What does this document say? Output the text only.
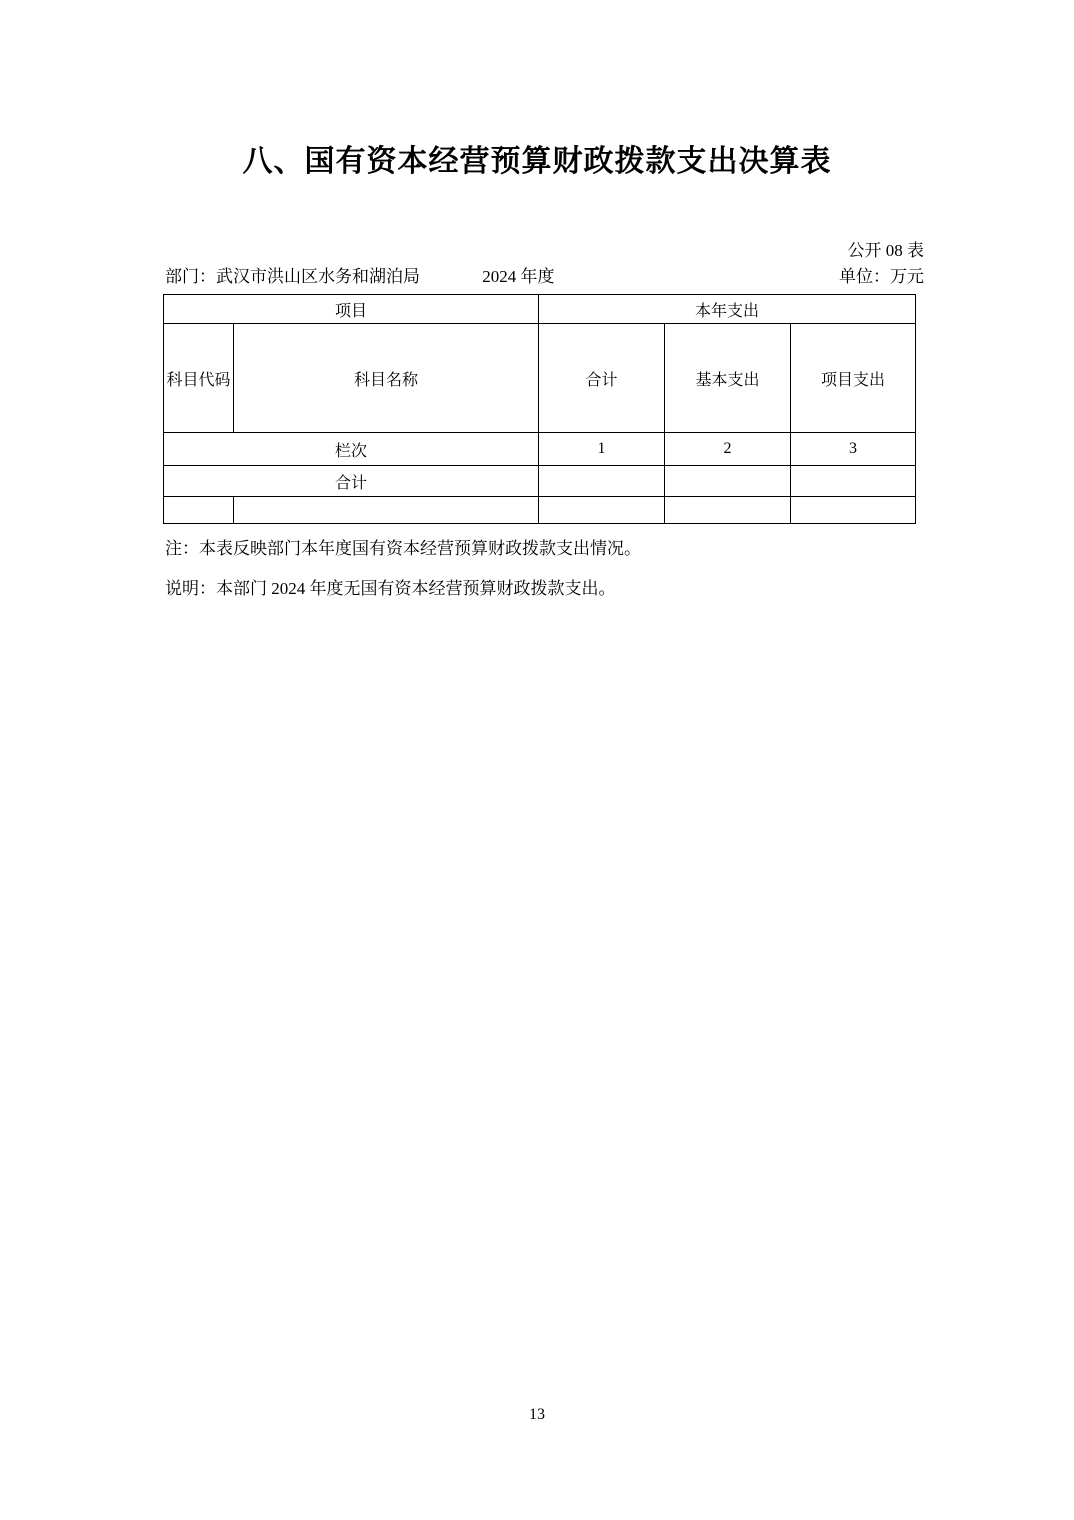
八、国有资本经营预算财政拨款支出决算表
公开 08 表
单位：万元
部门：武汉市洪山区水务和湖泊局	2024 年度
项目		本年支出		
科目代码	科目名称	合计	基本支出	项目支出
栏次		1	2	3
合计				

注：本表反映部门本年度国有资本经营预算财政拨款支出情况。
说明：本部门 2024 年度无国有资本经营预算财政拨款支出。
13
